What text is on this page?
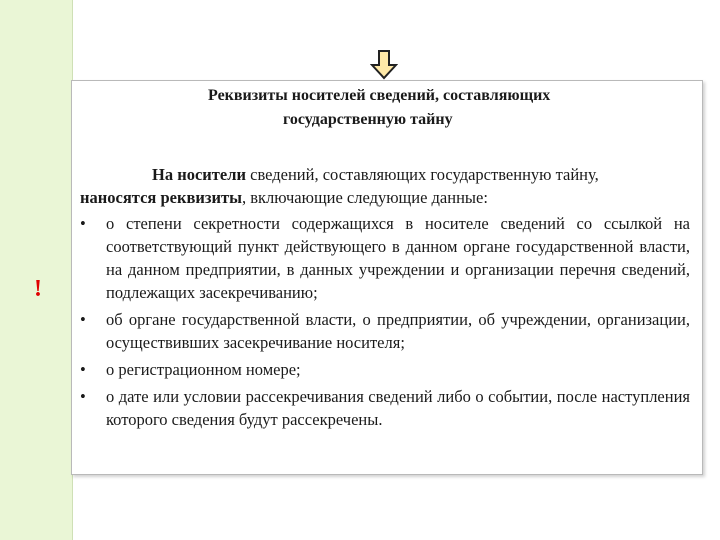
!
Реквизиты носителей сведений, составляющих
государственную тайну

На носители сведений, составляющих государственную тайну,
наносятся реквизиты, включающие следующие данные:

• о степени секретности содержащихся в носителе сведений со ссылкой на соответствующий пункт действующего в данном органе государственной власти, на данном предприятии, в данных учреждении и организации перечня сведений, подлежащих засекречиванию;
• об органе государственной власти, о предприятии, об учреждении, организации, осуществивших засекречивание носителя;
• о регистрационном номере;
• о дате или условии рассекречивания сведений либо о событии, после наступления которого сведения будут рассекречены.
